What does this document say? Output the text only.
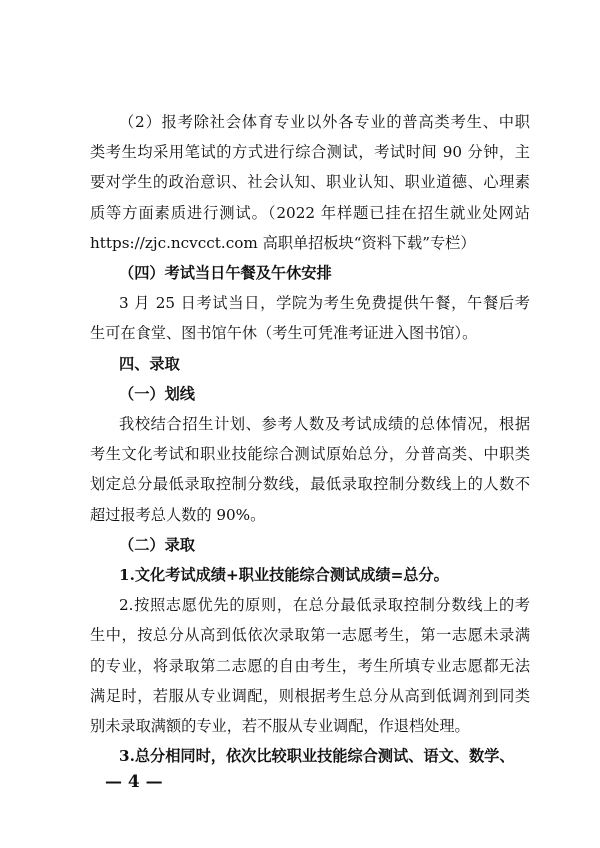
（2）报考除社会体育专业以外各专业的普高类考生、中职
类考生均采用笔试的方式进行综合测试，考试时间 90 分钟，主
要对学生的政治意识、社会认知、职业认知、职业道德、心理素
质等方面素质进行测试。（2022 年样题已挂在招生就业处网站
https://zjc.ncvcct.com 高职单招板块“资料下载”专栏）
（四）考试当日午餐及午休安排
3 月 25 日考试当日，学院为考生免费提供午餐，午餐后考
生可在食堂、图书馆午休（考生可凭准考证进入图书馆）。
四、录取
（一）划线
我校结合招生计划、参考人数及考试成绩的总体情况，根据
考生文化考试和职业技能综合测试原始总分，分普高类、中职类
划定总分最低录取控制分数线，最低录取控制分数线上的人数不
超过报考总人数的 90%。
（二）录取
1.文化考试成绩+职业技能综合测试成绩=总分。
2.按照志愿优先的原则，在总分最低录取控制分数线上的考
生中，按总分从高到低依次录取第一志愿考生，第一志愿未录满
的专业，将录取第二志愿的自由考生，考生所填专业志愿都无法
满足时，若服从专业调配，则根据考生总分从高到低调剂到同类
— 4 —
别未录取满额的专业，若不服从专业调配，作退档处理。
3.总分相同时，依次比较职业技能综合测试、语文、数学、
